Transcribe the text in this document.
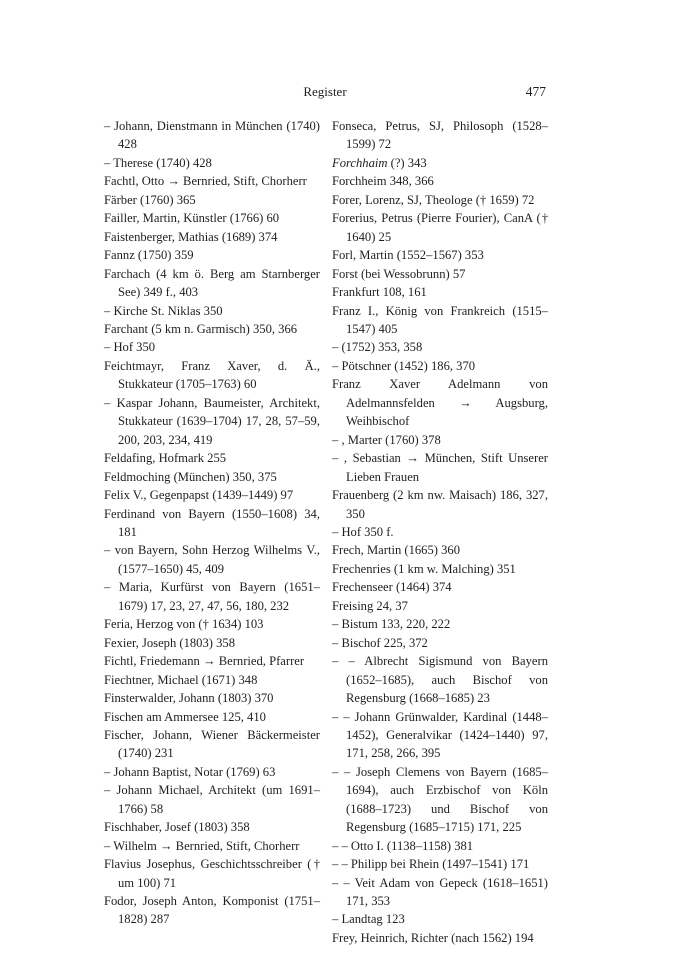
Register	477
– Johann, Dienstmann in München (1740) 428
– Therese (1740) 428
Fachtl, Otto → Bernried, Stift, Chorherr
Färber (1760) 365
Failler, Martin, Künstler (1766) 60
Faistenberger, Mathias (1689) 374
Fannz (1750) 359
Farchach (4 km ö. Berg am Starnberger See) 349 f., 403
– Kirche St. Niklas 350
Farchant (5 km n. Garmisch) 350, 366
– Hof 350
Feichtmayr, Franz Xaver, d. Ä., Stukkateur (1705–1763) 60
– Kaspar Johann, Baumeister, Architekt, Stukkateur (1639–1704) 17, 28, 57–59, 200, 203, 234, 419
Feldafing, Hofmark 255
Feldmoching (München) 350, 375
Felix V., Gegenpapst (1439–1449) 97
Ferdinand von Bayern (1550–1608) 34, 181
– von Bayern, Sohn Herzog Wilhelms V., (1577–1650) 45, 409
– Maria, Kurfürst von Bayern (1651–1679) 17, 23, 27, 47, 56, 180, 232
Feria, Herzog von († 1634) 103
Fexier, Joseph (1803) 358
Fichtl, Friedemann → Bernried, Pfarrer
Fiechtner, Michael (1671) 348
Finsterwalder, Johann (1803) 370
Fischen am Ammersee 125, 410
Fischer, Johann, Wiener Bäckermeister (1740) 231
– Johann Baptist, Notar (1769) 63
– Johann Michael, Architekt (um 1691–1766) 58
Fischhaber, Josef (1803) 358
– Wilhelm → Bernried, Stift, Chorherr
Flavius Josephus, Geschichtsschreiber († um 100) 71
Fodor, Joseph Anton, Komponist (1751–1828) 287
Fonseca, Petrus, SJ, Philosoph (1528–1599) 72
Forchhaim (?) 343
Forchheim 348, 366
Forer, Lorenz, SJ, Theologe († 1659) 72
Forerius, Petrus (Pierre Fourier), CanA († 1640) 25
Forl, Martin (1552–1567) 353
Forst (bei Wessobrunn) 57
Frankfurt 108, 161
Franz I., König von Frankreich (1515–1547) 405
– (1752) 353, 358
– Pötschner (1452) 186, 370
Franz Xaver Adelmann von Adelmannsfelden → Augsburg, Weihbischof
– , Marter (1760) 378
– , Sebastian → München, Stift Unserer Lieben Frauen
Frauenberg (2 km nw. Maisach) 186, 327, 350
– Hof 350 f.
Frech, Martin (1665) 360
Frechenries (1 km w. Malching) 351
Frechenseer (1464) 374
Freising 24, 37
– Bistum 133, 220, 222
– Bischof 225, 372
– – Albrecht Sigismund von Bayern (1652–1685), auch Bischof von Regensburg (1668–1685) 23
– – Johann Grünwalder, Kardinal (1448–1452), Generalvikar (1424–1440) 97, 171, 258, 266, 395
– – Joseph Clemens von Bayern (1685–1694), auch Erzbischof von Köln (1688–1723) und Bischof von Regensburg (1685–1715) 171, 225
– – Otto I. (1138–1158) 381
– – Philipp bei Rhein (1497–1541) 171
– – Veit Adam von Gepeck (1618–1651) 171, 353
– Landtag 123
Frey, Heinrich, Richter (nach 1562) 194
